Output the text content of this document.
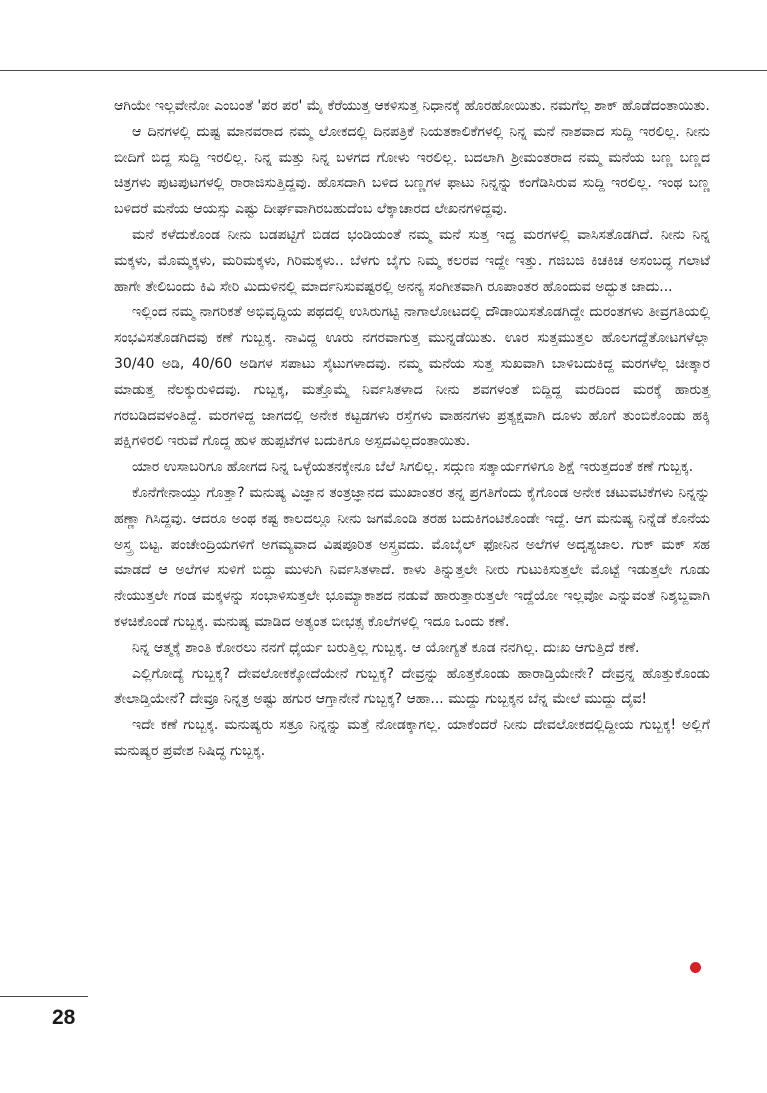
ಆಗಿಯೇ ಇಲ್ಲವೇನೋ ಎಂಬಂತೆ 'ಪರ ಪರ' ಮೈ ಕೆರೆಯುತ್ತ ಆಕಳಿಸುತ್ತ ನಿಧಾನಕ್ಕೆ ಹೊರಹೋಯಿತು. ನಮಗೆಲ್ಲ ಶಾಕ್ ಹೊಡೆದಂತಾಯಿತು.

ಆ ದಿನಗಳಲ್ಲಿ ದುಷ್ಟ ಮಾನವರಾದ ನಮ್ಮ ಲೋಕದಲ್ಲಿ ದಿನಪತ್ರಿಕೆ ನಿಯತಕಾಲಿಕೆಗಳಲ್ಲಿ ನಿನ್ನ ಮನೆ ನಾಶವಾದ ಸುದ್ದಿ ಇರಲಿಲ್ಲ. ನೀನು ಬೀದಿಗೆ ಬಿದ್ದ ಸುದ್ದಿ ಇರಲಿಲ್ಲ. ನಿನ್ನ ಮತ್ತು ನಿನ್ನ ಬಳಗದ ಗೋಳು ಇರಲಿಲ್ಲ. ಬದಲಾಗಿ ಶ್ರೀಮಂತರಾದ ನಮ್ಮ ಮನೆಯ ಬಣ್ಣ ಬಣ್ಣದ ಚಿತ್ರಗಳು ಪುಟಪುಟಗಳಲ್ಲಿ ರಾರಾಜಿಸುತ್ತಿದ್ದವು. ಹೊಸದಾಗಿ ಬಳಿದ ಬಣ್ಣಗಳ ಫಾಟು ನಿನ್ನನ್ನು ಕಂಗೆಡಿಸಿರುವ ಸುದ್ದಿ ಇರಲಿಲ್ಲ. ಇಂಥ ಬಣ್ಣ ಬಳಿದರೆ ಮನೆಯ ಆಯಸ್ಸು ಎಷ್ಟು ದೀರ್ಘವಾಗಿರಬಹುದೆಂಬ ಲೆಕ್ಕಾಚಾರದ ಲೇಖನಗಳಿದ್ದವು.

ಮನೆ ಕಳೆದುಕೊಂಡ ನೀನು ಬಡಪಟ್ಟಿಗೆ ಬಿಡದ ಭಂಡಿಯಂತೆ ನಮ್ಮ ಮನೆ ಸುತ್ತ ಇದ್ದ ಮರಗಳಲ್ಲಿ ವಾಸಿಸತೊಡಗಿದೆ. ನೀನು ನಿನ್ನ ಮಕ್ಕಳು, ಮೊಮ್ಮಕ್ಕಳು, ಮರಿಮಕ್ಕಳು, ಗಿರಿಮಕ್ಕಳು.. ಬೆಳಗು ಬೈಗು ನಿಮ್ಮ ಕಲರವ ಇದ್ದೇ ಇತ್ತು. ಗಜಿಬಜಿ ಕಿಚಕಿಚ ಅಸಂಬದ್ಧ ಗಲಾಟೆ ಹಾಗೇ ತೇಲಿಬಂದು ಕಿವಿ ಸೇರಿ ಮಿದುಳಿನಲ್ಲಿ ಮಾರ್ದನಿಸುವಷ್ಟರಲ್ಲಿ ಅನನ್ಯ ಸಂಗೀತವಾಗಿ ರೂಪಾಂತರ ಹೊಂದುವ ಅದ್ಭುತ ಜಾದು...

ಇಲ್ಲಿಂದ ನಮ್ಮ ನಾಗರಿಕತೆ ಅಭಿವೃದ್ಧಿಯ ಪಥದಲ್ಲಿ ಉಸಿರುಗಟ್ಟಿ ನಾಗಾಲೋಟದಲ್ಲಿ ದೌಡಾಯಿಸತೊಡಗಿದ್ದೇ ದುರಂತಗಳು ತೀವ್ರಗತಿಯಲ್ಲಿ ಸಂಭವಿಸತೊಡಗಿದವು ಕಣೆ ಗುಬ್ಬಕ್ಕ. ನಾವಿದ್ದ ಊರು ನಗರವಾಗುತ್ತ ಮುನ್ನಡೆಯಿತು. ಊರ ಸುತ್ತಮುತ್ತಲ ಹೊಲಗದ್ದೆತೋಟಗಳೆಲ್ಲಾ 30/40 ಅಡಿ, 40/60 ಅಡಿಗಳ ಸಪಾಟು ಸೈಟುಗಳಾದವು. ನಮ್ಮ ಮನೆಯ ಸುತ್ತ ಸುಖವಾಗಿ ಬಾಳಿಬದುಕಿದ್ದ ಮರಗಳೆಲ್ಲ ಚೀತ್ಕಾರ ಮಾಡುತ್ತ ನೆಲಕ್ಕುರುಳಿದವು. ಗುಬ್ಬಕ್ಕ, ಮತ್ತೊಮ್ಮೆ ನಿರ್ವಸಿತಳಾದ ನೀನು ಶವಗಳಂತೆ ಬಿದ್ದಿದ್ದ ಮರದಿಂದ ಮರಕ್ಕೆ ಹಾರುತ್ತ ಗರಬಡಿದವಳಂತಿದ್ದೆ. ಮರಗಳಿದ್ದ ಜಾಗದಲ್ಲಿ ಅನೇಕ ಕಟ್ಟಡಗಳು ರಸ್ತೆಗಳು ವಾಹನಗಳು ಪ್ರತ್ಯಕ್ಷವಾಗಿ ದೂಳು ಹೊಗೆ ತುಂಬಿಕೊಂಡು ಹಕ್ಕಿ ಪಕ್ಷಿಗಳಿರಲಿ ಇರುವೆ ಗೊದ್ದ ಹುಳ ಹುಪ್ಪಟೆಗಳ ಬದುಕಿಗೂ ಅಸ್ಪದವಿಲ್ಲದಂತಾಯಿತು.

ಯಾರ ಉಸಾಬರಿಗೂ ಹೋಗದ ನಿನ್ನ ಒಳ್ಳೆಯತನಕ್ಕೇನೂ ಬೆಲೆ ಸಿಗಲಿಲ್ಲ. ಸದ್ಗುಣ ಸತ್ಕಾರ್ಯಗಳಿಗೂ ಶಿಕ್ಷೆ ಇರುತ್ತದಂತೆ ಕಣೆ ಗುಬ್ಬಕ್ಕ.

ಕೊನೆಗೇನಾಯ್ತು ಗೊತ್ತಾ? ಮನುಷ್ಯ ವಿಜ್ಞಾನ ತಂತ್ರಜ್ಞಾನದ ಮುಖಾಂತರ ತನ್ನ ಪ್ರಗತಿಗೆಂದು ಕೈಗೊಂಡ ಅನೇಕ ಚಟುವಟಿಕೆಗಳು ನಿನ್ನನ್ನು ಹಣ್ಣಾ ಗಿಸಿದ್ದವು. ಆದರೂ ಅಂಥ ಕಷ್ಟ ಕಾಲದಲ್ಲೂ ನೀನು ಜಗಮೊಂಡಿ ತರಹ ಬದುಕಿಗಂಟಿಕೊಂಡೇ ಇದ್ದೆ. ಆಗ ಮನುಷ್ಯ ನಿನ್ನೆಡೆ ಕೊನೆಯ ಅಸ್ತ್ರ ಬಿಟ್ಟ. ಪಂಚೇಂದ್ರಿಯಗಳಿಗೆ ಅಗಮ್ಯವಾದ ವಿಷಪೂರಿತ ಅಸ್ತ್ರವದು. ಮೊಬೈಲ್ ಫೋನಿನ ಅಲೆಗಳ ಅದೃಶ್ಯಜಾಲ. ಗುಕ್ ಮಕ್ ಸಹ ಮಾಡದೆ ಆ ಅಲೆಗಳ ಸುಳಿಗೆ ಬಿದ್ದು ಮುಳುಗಿ ನಿರ್ವಸಿತಳಾದೆ. ಕಾಳು ತಿನ್ನುತ್ತಲೇ ನೀರು ಗುಟುಕಿಸುತ್ತಲೇ ಮೊಟ್ಟೆ ಇಡುತ್ತಲೇ ಗೂಡು ನೇಯುತ್ತಲೇ ಗಂಡ ಮಕ್ಕಳನ್ನು ಸಂಭಾಳಿಸುತ್ತಲೇ ಭೂಮ್ಯಾಕಾಶದ ನಡುವೆ ಹಾರುತ್ತಾರುತ್ತಲೇ ಇದ್ದೆಯೋ ಇಲ್ಲವೋ ಎನ್ನುವಂತೆ ನಿಶ್ಶಬ್ದವಾಗಿ ಕಳಚಿಕೊಂಡೆ ಗುಬ್ಬಕ್ಕ. ಮನುಷ್ಯ ಮಾಡಿದ ಅತ್ಯಂತ ಬೀಭತ್ಸ ಕೊಲೆಗಳಲ್ಲಿ ಇದೂ ಒಂದು ಕಣೆ.

ನಿನ್ನ ಆತ್ಮಕ್ಕೆ ಶಾಂತಿ ಕೋರಲು ನನಗೆ ಧೈರ್ಯ ಬರುತ್ತಿಲ್ಲ ಗುಬ್ಬಕ್ಕ. ಆ ಯೋಗ್ಯತೆ ಕೂಡ ನನಗಿಲ್ಲ. ದುಃಖ ಆಗುತ್ತಿದೆ ಕಣೆ.

ಎಲ್ಲಿಗೋದ್ಯೆ ಗುಬ್ಬಕ್ಕ? ದೇವಲೋಕಕ್ಕೋದೆಯೇನೆ ಗುಬ್ಬಕ್ಕ? ದೇವ್ರನ್ನು ಹೊತ್ತಕೊಂಡು ಹಾರಾಡ್ತಿಯೇನೇ? ದೇವ್ರನ್ನ ಹೊತ್ತುಕೊಂಡು ತೇಲಾಡ್ತಿಯೇನೆ? ದೇವ್ರೂ ನಿನ್ನತ್ರ ಅಷ್ಟು ಹಗುರ ಆಗ್ತಾನೇನೆ ಗುಬ್ಬಕ್ಕ? ಆಹಾ... ಮುದ್ದು ಗುಬ್ಬಕ್ಕನ ಬೆನ್ನ ಮೇಲೆ ಮುದ್ದು ದೈವ!

ಇದೇ ಕಣೆ ಗುಬ್ಬಕ್ಕ. ಮನುಷ್ಯರು ಸತ್ರೂ ನಿನ್ನನ್ನು ಮತ್ತೆ ನೋಡಕ್ಕಾಗಲ್ಲ. ಯಾಕೆಂದರೆ ನೀನು ದೇವಲೋಕದಲ್ಲಿದ್ದೀಯ ಗುಬ್ಬಕ್ಕ! ಅಲ್ಲಿಗೆ ಮನುಷ್ಯರ ಪ್ರವೇಶ ನಿಷಿದ್ಧ ಗುಬ್ಬಕ್ಕ.

28
